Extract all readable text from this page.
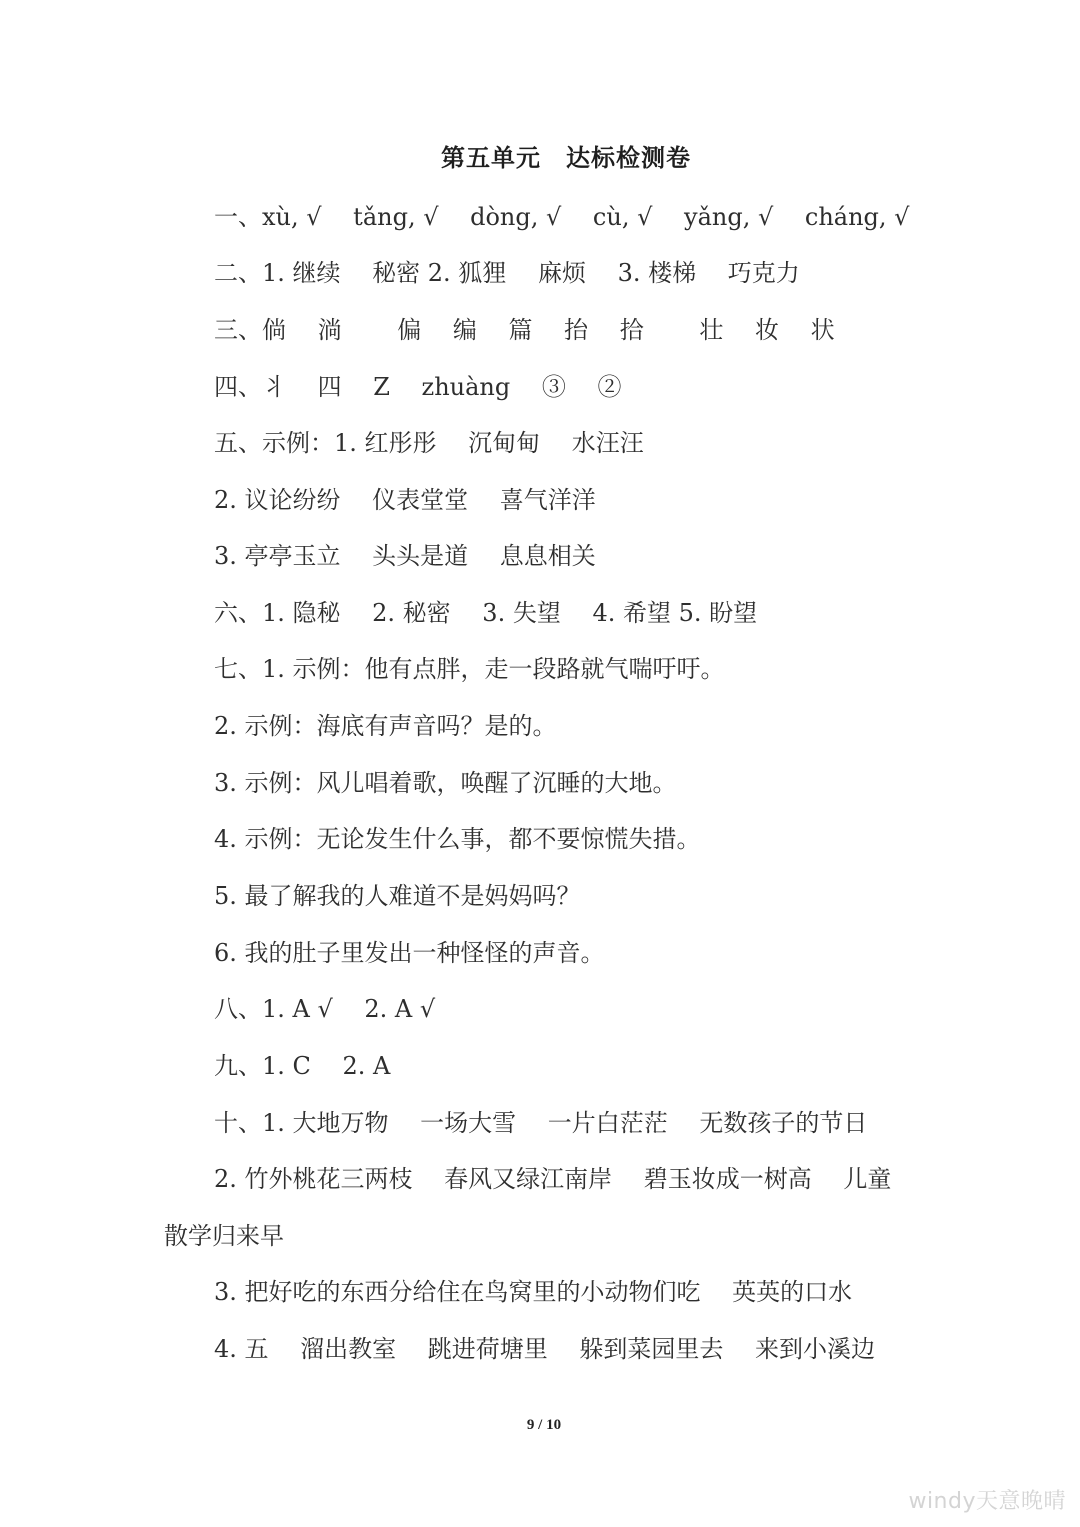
第五单元　达标检测卷
一、xù, √　 tǎng, √　 dòng, √　 cù, √　 yǎng, √　 cháng, √
二、1. 继续　 秘密 2. 狐狸　 麻烦　 3. 楼梯　 巧克力
三、倘　 淌　 　偏　 编　 篇　 抬　 拾　 　壮　 妆　 状
四、丬　 四　 Z　 zhuàng　 ③　 ②
五、示例：1. 红彤彤　 沉甸甸　 水汪汪
2. 议论纷纷　 仪表堂堂　 喜气洋洋
3. 亭亭玉立　 头头是道　 息息相关
六、1. 隐秘　 2. 秘密　 3. 失望　 4. 希望 5. 盼望
七、1. 示例：他有点胖，走一段路就气喘吁吁。
2. 示例：海底有声音吗？是的。
3. 示例：风儿唱着歌，唤醒了沉睡的大地。
4. 示例：无论发生什么事，都不要惊慌失措。
5. 最了解我的人难道不是妈妈吗？
6. 我的肚子里发出一种怪怪的声音。
八、1. A √　 2. A √
九、1. C　 2. A
十、1. 大地万物　 一场大雪　 一片白茫茫　 无数孩子的节日
2. 竹外桃花三两枝　 春风又绿江南岸　 碧玉妆成一树高　 儿童
散学归来早
3. 把好吃的东西分给住在鸟窝里的小动物们吃　 英英的口水
4. 五　 溜出教室　 跳进荷塘里　 躲到菜园里去　 来到小溪边
9 / 10
windy天意晚晴
